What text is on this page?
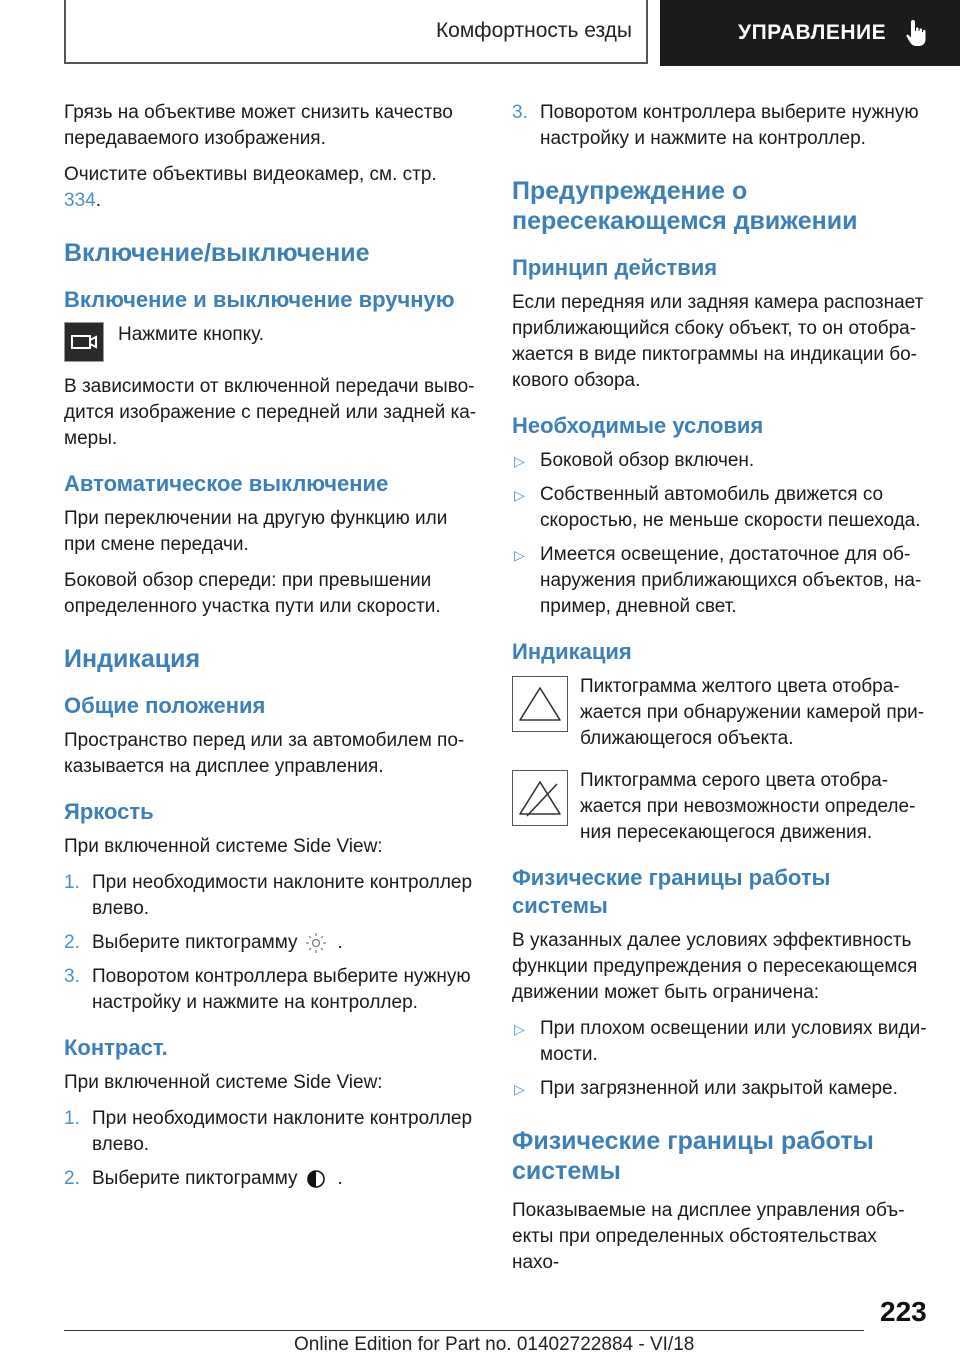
Комфортность езды	УПРАВЛЕНИЕ

Грязь на объективе может снизить качество передаваемого изображения.

Очистите объективы видеокамер, см. стр. 334.

Включение/выключение
Включение и выключение вручную
Нажмите кнопку.

В зависимости от включенной передачи выводится изображение с передней или задней камеры.

Автоматическое выключение

При переключении на другую функцию или при смене передачи.

Боковой обзор спереди: при превышении определенного участка пути или скорости.

Индикация
Общие положения

Пространство перед или за автомобилем показывается на дисплее управления.

Яркость

При включенной системе Side View:

1. При необходимости наклоните контроллер влево.
2. Выберите пиктограмму .
3. Поворотом контроллера выберите нужную настройку и нажмите на контроллер.
Контраст.

При включенной системе Side View:

1. При необходимости наклоните контроллер влево.
2. Выберите пиктограмму .
3. Поворотом контроллера выберите нужную настройку и нажмите на контроллер.
Предупреждение о пересекающемся движении
Принцип действия

Если передняя или задняя камера распознает приближающийся сбоку объект, то он отображается в виде пиктограммы на индикации бокового обзора.

Необходимые условия
▷ Боковой обзор включен.
▷ Собственный автомобиль движется со скоростью, не меньше скорости пешехода.
▷ Имеется освещение, достаточное для обнаружения приближающихся объектов, например, дневной свет.
Индикация
Пиктограмма желтого цвета отображается при обнаружении камерой приближающегося объекта.
Пиктограмма серого цвета отображается при невозможности определения пересекающегося движения.
Физические границы работы системы

В указанных далее условиях эффективность функции предупреждения о пересекающемся движении может быть ограничена:

▷ При плохом освещении или условиях видимости.
▷ При загрязненной или закрытой камере.
Физические границы работы системы

Показываемые на дисплее управления объекты при определенных обстоятельствах нахо-

223
Online Edition for Part no. 01402722884 - VI/18
